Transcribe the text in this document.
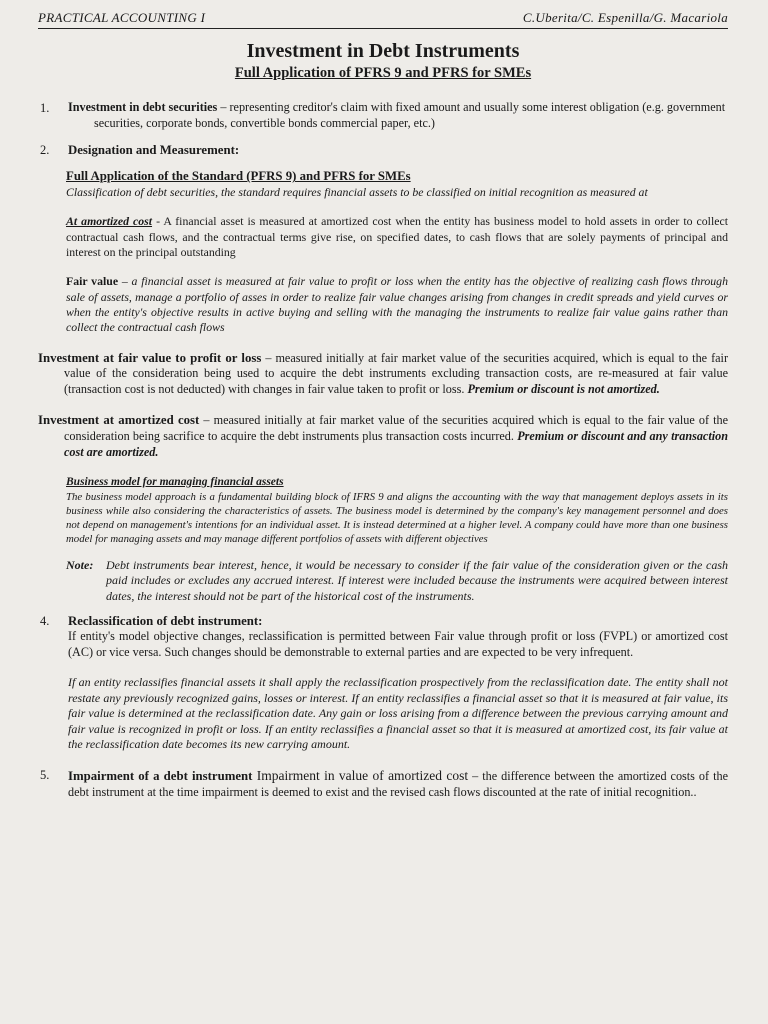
PRACTICAL ACCOUNTING I	C.Uberita/C. Espenilla/G. Macariola
Investment in Debt Instruments
Full Application of PFRS 9 and PFRS for SMEs
1.	Investment in debt securities – representing creditor's claim with fixed amount and usually some interest obligation (e.g. government securities, corporate bonds, convertible bonds commercial paper, etc.)
2.	Designation and Measurement:

Full Application of the Standard (PFRS 9) and PFRS for SMEs

Classification of debt securities, the standard requires financial assets to be classified on initial recognition as measured at

At amortized cost - A financial asset is measured at amortized cost when the entity has business model to hold assets in order to collect contractual cash flows, and the contractual terms give rise, on specified dates, to cash flows that are solely payments of principal and interest on the principal outstanding

Fair value – a financial asset is measured at fair value to profit or loss when the entity has the objective of realizing cash flows through sale of assets, manage a portfolio of asses in order to realize fair value changes arising from changes in credit spreads and yield curves or when the entity's objective results in active buying and selling with the managing the instruments to realize fair value gains rather than collect the contractual cash flows

Investment at fair value to profit or loss – measured initially at fair market value of the securities acquired, which is equal to the fair value of the consideration being used to acquire the debt instruments excluding transaction costs, are re-measured at fair value (transaction cost is not deducted) with changes in fair value taken to profit or loss. Premium or discount is not amortized.
Investment at amortized cost – measured initially at fair market value of the securities acquired which is equal to the fair value of the consideration being sacrifice to acquire the debt instruments plus transaction costs incurred. Premium or discount and any transaction cost are amortized.

Business model for managing financial assets

The business model approach is a fundamental building block of IFRS 9 and aligns the accounting with the way that management deploys assets in its business while also considering the characteristics of assets. The business model is determined by the company's key management personnel and does not depend on management's intentions for an individual asset. It is instead determined at a higher level. A company could have more than one business model for managing assets and may manage different portfolios of assets with different objectives

Note:	Debt instruments bear interest, hence, it would be necessary to consider if the fair value of the consideration given or the cash paid includes or excludes any accrued interest. If interest were included because the instruments were acquired between interest dates, the interest should not be part of the historical cost of the instruments.
4.	Reclassification of debt instrument:

If entity's model objective changes, reclassification is permitted between Fair value through profit or loss (FVPL) or amortized cost (AC) or vice versa. Such changes should be demonstrable to external parties and are expected to be very infrequent.

If an entity reclassifies financial assets it shall apply the reclassification prospectively from the reclassification date. The entity shall not restate any previously recognized gains, losses or interest. If an entity reclassifies a financial asset so that it is measured at fair value, its fair value is determined at the reclassification date. Any gain or loss arising from a difference between the previous carrying amount and fair value is recognized in profit or loss. If an entity reclassifies a financial asset so that it is measured at amortized cost, its fair value at the reclassification date becomes its new carrying amount.

5.	Impairment of a debt instrument Impairment in value of amortized cost – the difference between the amortized costs of the debt instrument at the time impairment is deemed to exist and the revised cash flows discounted at the rate of initial recognition..
